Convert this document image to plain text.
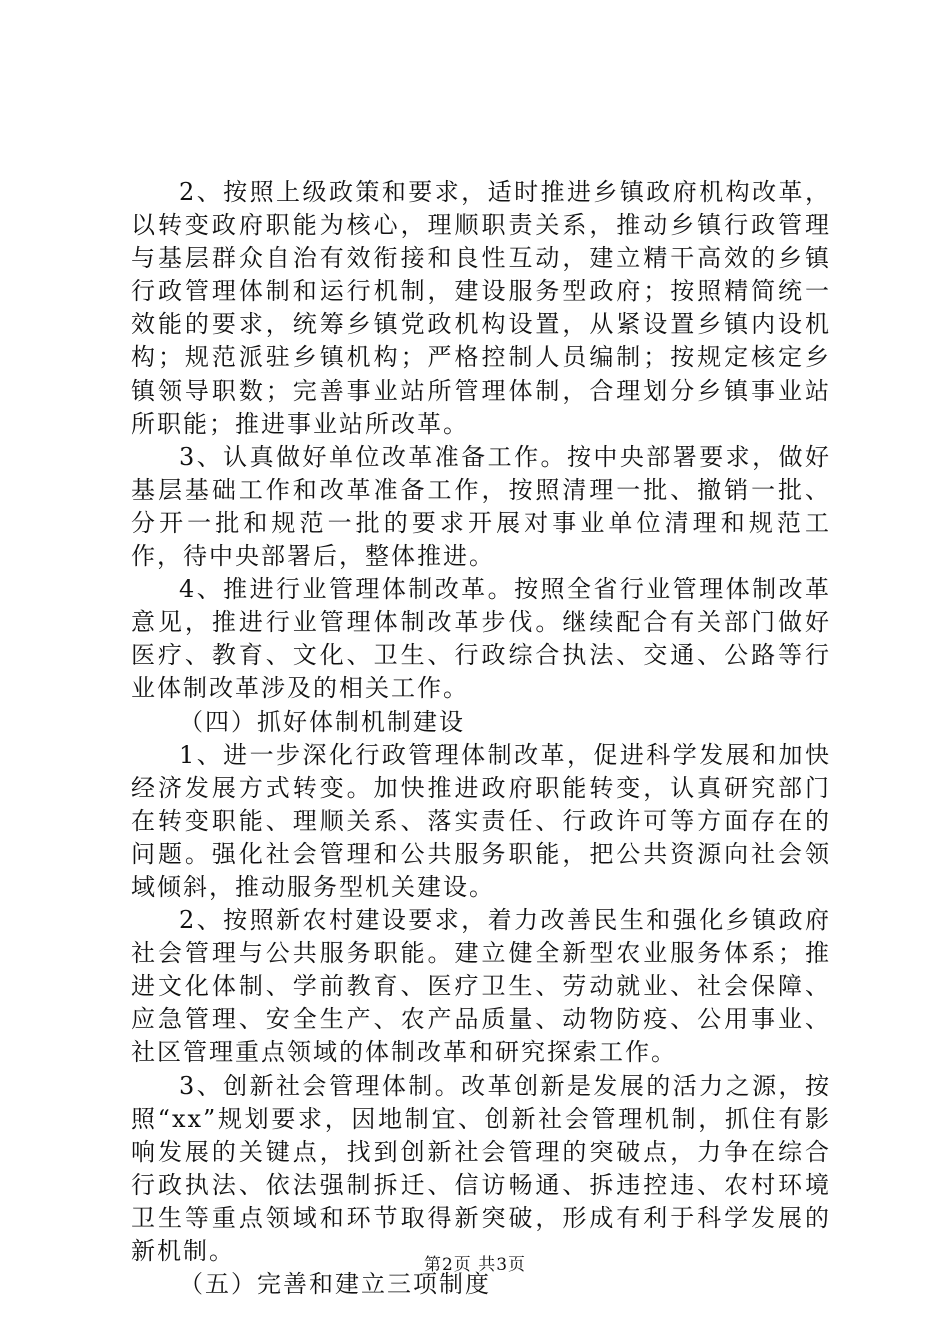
2、按照上级政策和要求，适时推进乡镇政府机构改革，以转变政府职能为核心，理顺职责关系，推动乡镇行政管理与基层群众自治有效衔接和良性互动，建立精干高效的乡镇行政管理体制和运行机制，建设服务型政府；按照精简统一效能的要求，统筹乡镇党政机构设置，从紧设置乡镇内设机构；规范派驻乡镇机构；严格控制人员编制；按规定核定乡镇领导职数；完善事业站所管理体制，合理划分乡镇事业站所职能；推进事业站所改革。

3、认真做好单位改革准备工作。按中央部署要求，做好基层基础工作和改革准备工作，按照清理一批、撤销一批、分开一批和规范一批的要求开展对事业单位清理和规范工作，待中央部署后，整体推进。

4、推进行业管理体制改革。按照全省行业管理体制改革意见，推进行业管理体制改革步伐。继续配合有关部门做好医疗、教育、文化、卫生、行政综合执法、交通、公路等行业体制改革涉及的相关工作。

（四）抓好体制机制建设

1、进一步深化行政管理体制改革，促进科学发展和加快经济发展方式转变。加快推进政府职能转变，认真研究部门在转变职能、理顺关系、落实责任、行政许可等方面存在的问题。强化社会管理和公共服务职能，把公共资源向社会领域倾斜，推动服务型机关建设。

2、按照新农村建设要求，着力改善民生和强化乡镇政府社会管理与公共服务职能。建立健全新型农业服务体系；推进文化体制、学前教育、医疗卫生、劳动就业、社会保障、应急管理、安全生产、农产品质量、动物防疫、公用事业、社区管理重点领域的体制改革和研究探索工作。

3、创新社会管理体制。改革创新是发展的活力之源，按照“xx”规划要求，因地制宜、创新社会管理机制，抓住有影响发展的关键点，找到创新社会管理的突破点，力争在综合行政执法、依法强制拆迁、信访畅通、拆违控违、农村环境卫生等重点领域和环节取得新突破，形成有利于科学发展的新机制。

（五）完善和建立三项制度

第2页 共3页
